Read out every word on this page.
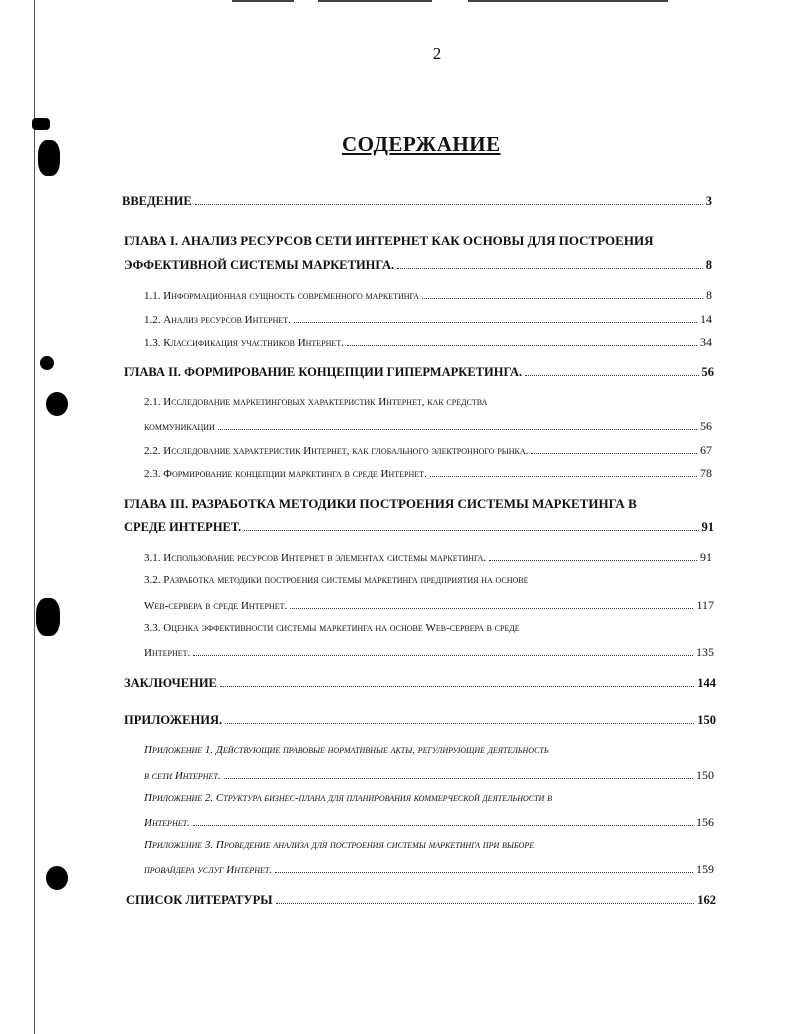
2
СОДЕРЖАНИЕ
ВВЕДЕНИЕ	3
ГЛАВА I. АНАЛИЗ РЕСУРСОВ СЕТИ ИНТЕРНЕТ КАК ОСНОВЫ ДЛЯ ПОСТРОЕНИЯ
ЭФФЕКТИВНОЙ СИСТЕМЫ МАРКЕТИНГА.	8
1.1. Информационная сущность современного маркетинга	8
1.2. Анализ ресурсов Интернет.	14
1.3. Классификация участников Интернет.	34
ГЛАВА II. ФОРМИРОВАНИЕ КОНЦЕПЦИИ ГИПЕРМАРКЕТИНГА.	56
2.1. Исследование маркетинговых характеристик Интернет, как средства
коммуникации	56
2.2. Исследование характеристик Интернет, как глобального электронного рынка.	67
2.3. Формирование концепции маркетинга в среде Интернет.	78
ГЛАВА III. РАЗРАБОТКА МЕТОДИКИ ПОСТРОЕНИЯ СИСТЕМЫ МАРКЕТИНГА В
СРЕДЕ ИНТЕРНЕТ.	91
3.1. Использование ресурсов Интернет в элементах системы маркетинга.	91
3.2. Разработка методики построения системы маркетинга предприятия на основе
Web-сервера в среде Интернет.	117
3.3. Оценка эффективности системы маркетинга на основе Web-сервера в среде
Интернет.	135
ЗАКЛЮЧЕНИЕ	144
ПРИЛОЖЕНИЯ.	150
Приложение 1. Действующие правовые нормативные акты, регулирующие деятельность
в сети Интернет.	150
Приложение 2. Структура бизнес-плана для планирования коммерческой деятельности в
Интернет.	156
Приложение 3. Проведение анализа для построения системы маркетинга при выборе
провайдера услуг Интернет.	159
СПИСОК ЛИТЕРАТУРЫ	162
